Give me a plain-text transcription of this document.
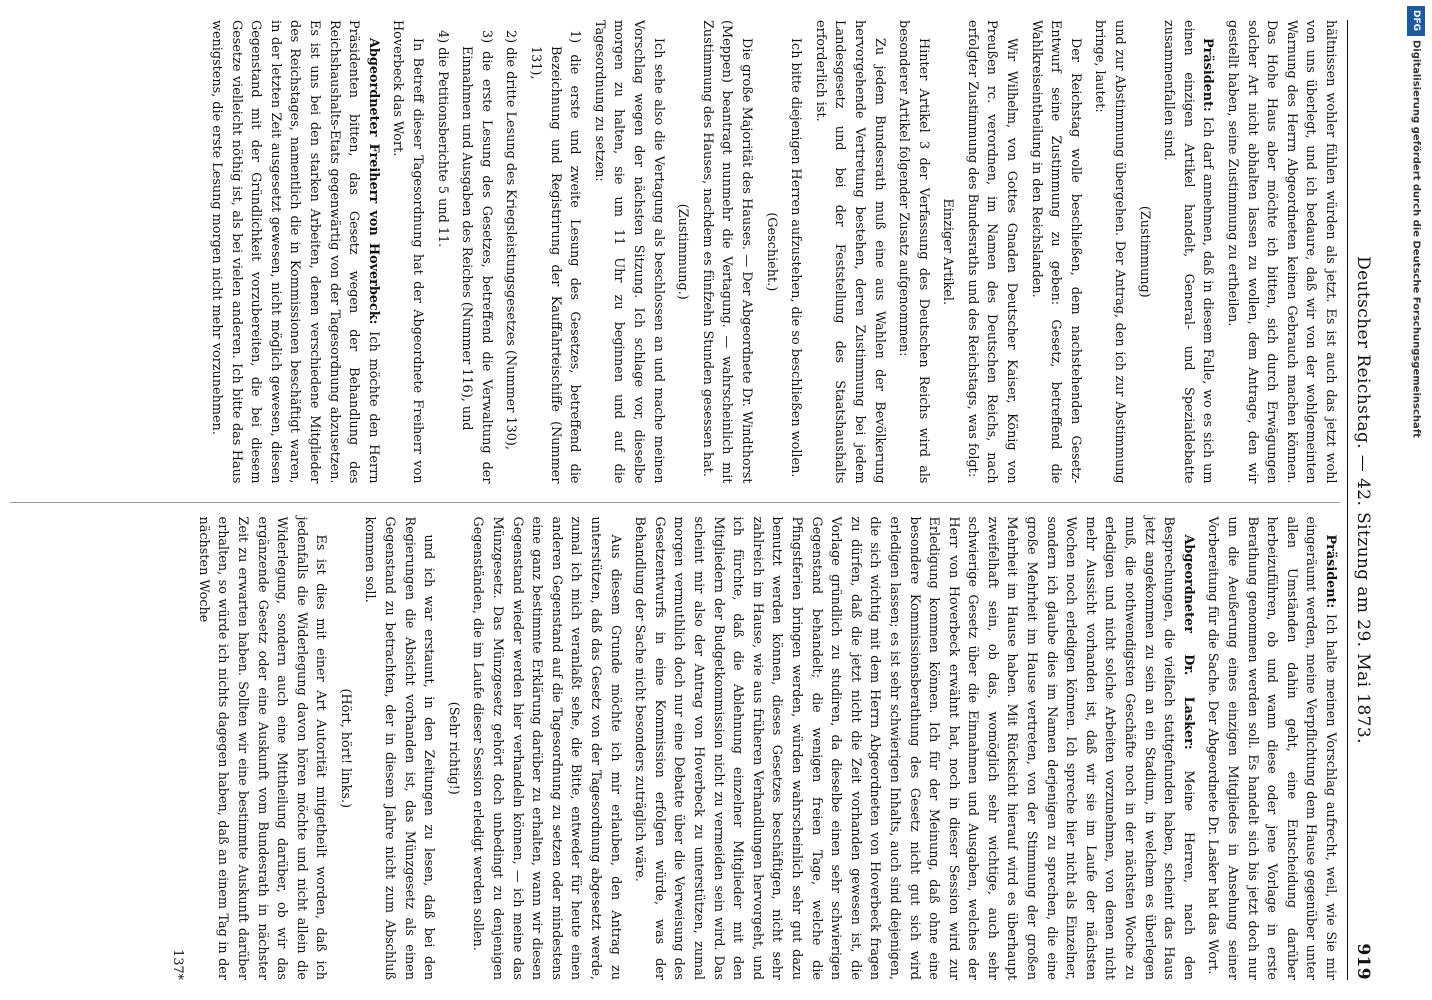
Deutscher Reichstag. — 42. Sitzung am 29. Mai 1873.
919

hältnissen wohler fühlen würden als jetzt. Es ist auch das jetzt wohl von uns überlegt, und ich bedaure, daß wir von der wohlgemeinten Warnung des Herrn Abgeordneten keinen Gebrauch machen können. Das Hohe Haus aber möchte ich bitten, sich durch Erwägungen solcher Art nicht abhalten lassen zu wollen, dem Antrage, den wir gestellt haben, seine Zustimmung zu ertheilen.

Präsident: Ich darf annehmen, daß in diesem Falle, wo es sich um einen einzigen Artikel handelt, General- und Spezialdebatte zusammenfallen sind.

(Zustimmung)

und zur Abstimmung übergehen. Der Antrag, den ich zur Abstimmung bringe, lautet:

Der Reichstag wolle beschließen, dem nachstehenden Gesetz-Entwurf seine Zustimmung zu geben: Gesetz, betreffend die Wahlkreiseintheilung in den Reichslanden.

Wir Wilhelm, von Gottes Gnaden Deutscher Kaiser, König von Preußen rc. verordnen, im Namen des Deutschen Reichs, nach erfolgter Zustimmung des Bundesraths und des Reichstags, was folgt:

Einziger Artikel.

Hinter Artikel 3 der Verfassung des Deutschen Reichs wird als besonderer Artikel folgender Zusatz aufgenommen:

Zu jedem Bundesrath muß eine aus Wahlen der Bevölkerung hervorgehende Vertretung bestehen, deren Zustimmung bei jedem Landesgesetz und bei der Feststellung des Staatshaushalts erforderlich ist.

Ich bitte diejenigen Herren aufzustehen, die so beschließen wollen.

(Geschieht.)

Die große Majorität des Hauses. — Der Abgeordnete Dr. Windthorst (Meppen) beantragt nunmehr die Vertagung. — wahrscheinlich mit Zustimmung des Hauses, nachdem es fünfzehn Stunden gesessen hat.

(Zustimmung.)

Ich sehe also die Vertagung als beschlossen an und mache meinen Vorschlag wegen der nächsten Sitzung. Ich schlage vor, dieselbe morgen zu halten, sie um 11 Uhr zu beginnen und auf die Tagesordnung zu setzen:

1) die erste und zweite Lesung des Gesetzes, betreffend die Bezeichnung und Registrirung der Kauffahrteischiffe (Nummer 131),

2) die dritte Lesung des Kriegsleistungsgesetzes (Nummer 130),

3) die erste Lesung des Gesetzes, betreffend die Verwaltung der Einnahmen und Ausgaben des Reiches (Nummer 116), und

4) die Petitionsberichte 5 und 11.

In Betreff dieser Tagesordnung hat der Abgeordnete Freiherr von Hoverbeck das Wort.

Abgeordneter Freiherr von Hoverbeck: Ich möchte den Herrn Präsidenten bitten, das Gesetz wegen der Behandlung des Reichshaushalts-Etats gegenwärtig von der Tagesordnung abzusetzen. Es ist uns bei den starken Arbeiten, denen verschiedene Mitglieder des Reichstages, namentlich die in Kommissionen beschäftigt waren, in der letzten Zeit ausgesetzt gewesen, nicht möglich gewesen, diesen Gegenstand mit der Gründlichkeit vorzubereiten, die bei diesem Gesetze vielleicht nöthig ist, als bei vielen anderen. Ich bitte das Haus wenigstens, die erste Lesung morgen nicht mehr vorzunehmen.

Präsident: Ich halte meinen Vorschlag aufrecht, weil, wie Sie mir eingeräumt werden, meine Verpflichtung dem Hause gegenüber unter allen Umständen dahin geht, eine Entscheidung darüber herbeizuführen, ob und wann diese oder jene Vorlage in erste Berathung genommen werden soll. Es handelt sich bis jetzt doch nur um die Aeußerung eines einzigen Mitgliedes in Ansehung seiner Vorbereitung für die Sache. Der Abgeordnete Dr. Lasker hat das Wort.

Abgeordneter Dr. Lasker: Meine Herren, nach den Besprechungen, die vielfach stattgefunden haben, scheint das Haus jetzt angekommen zu sein an ein Stadium, in welchem es überlegen muß, die nothwendigsten Geschäfte noch in der nächsten Woche zu erledigen und nicht solche Arbeiten vorzunehmen, von denen nicht mehr Aussicht vorhanden ist, daß wir sie im Laufe der nächsten Wochen noch erledigen können. Ich spreche hier nicht als Einzelner, sondern ich glaube dies im Namen derjenigen zu sprechen, die eine große Mehrheit im Hause vertreten, von der Stimmung der großen Mehrheit im Hause haben. Mit Rücksicht hierauf wird es überhaupt zweifelhaft sein, ob das, womöglich sehr wichtige, auch sehr schwierige Gesetz über die Einnahmen und Ausgaben, welches der Herr von Hoverbeck erwähnt hat, noch in dieser Session wird zur Erledigung kommen können. Ich für der Meinung, daß ohne eine besondere Kommissionsberathung des Gesetz nicht gut sich wird erledigen lassen; es ist sehr schwierigen Inhalts, auch sind diejenigen, die sich wichtig mit dem Herrn Abgeordneten von Hoverbeck fragen zu dürfen, daß die jetzt nicht die Zeit vorhanden gewesen ist, die Vorlage gründlich zu studiren, da dieselbe einen sehr schwierigen Gegenstand behandelt; die wenigen freien Tage, welche die Pfingstferien bringen werden, würden wahrscheinlich sehr gut dazu benutzt werden können, dieses Gesetzes beschäftigen, nicht sehr zahlreich im Hause, wie aus früheren Verhandlungen hervorgeht, und ich fürchte, daß die Ablehnung einzelner Mitglieder mit den Mitgliedern der Budgetkommission nicht zu vermeiden sein wird. Das scheint mir also der Antrag von Hoverbeck zu unterstützen, zumal morgen vermuthlich doch nur eine Debatte über die Verweisung des Gesetzentwurfs in eine Kommission erfolgen würde, was der Behandlung der Sache nicht besonders zuträglich wäre.

Aus diesem Grunde möchte ich mir erlauben, den Antrag zu unterstützen, daß das Gesetz von der Tagesordnung abgesetzt werde, zumal ich mich veranlaßt sehe, die Bitte, entweder für heute einen anderen Gegenstand auf die Tagesordnung zu setzen oder mindestens eine ganz bestimmte Erklärung darüber zu erhalten, wann wir diesen Gegenstand wieder werden hier verhandeln können, — ich meine das Münzgesetz. Das Münzgesetz gehört doch unbedingt zu denjenigen Gegenständen, die im Laufe dieser Session erledigt werden sollen.

(Sehr richtig!)

und ich war erstaunt, in den Zeitungen zu lesen, daß bei den Regierungen die Absicht vorhanden ist, das Münzgesetz als einen Gegenstand zu betrachten, der in diesem Jahre nicht zum Abschluß kommen soll.

(Hört, hört! links.)

Es ist dies mit einer Art Autorität mitgetheilt worden, daß ich jedenfalls die Widerlegung davon hören möchte und nicht allein die Widerlegung, sondern auch eine Mittheilung darüber, ob wir das ergänzende Gesetz oder eine Auskunft vom Bundesrath in nächster Zeit zu erwarten haben. Sollten wir eine bestimmte Auskunft darüber erhalten, so würde ich nichts dagegen haben, daß an einem Tag in der nächsten Woche

137*

DFG
Digitalisierung gefördert durch die Deutsche Forschungsgemeinschaft
